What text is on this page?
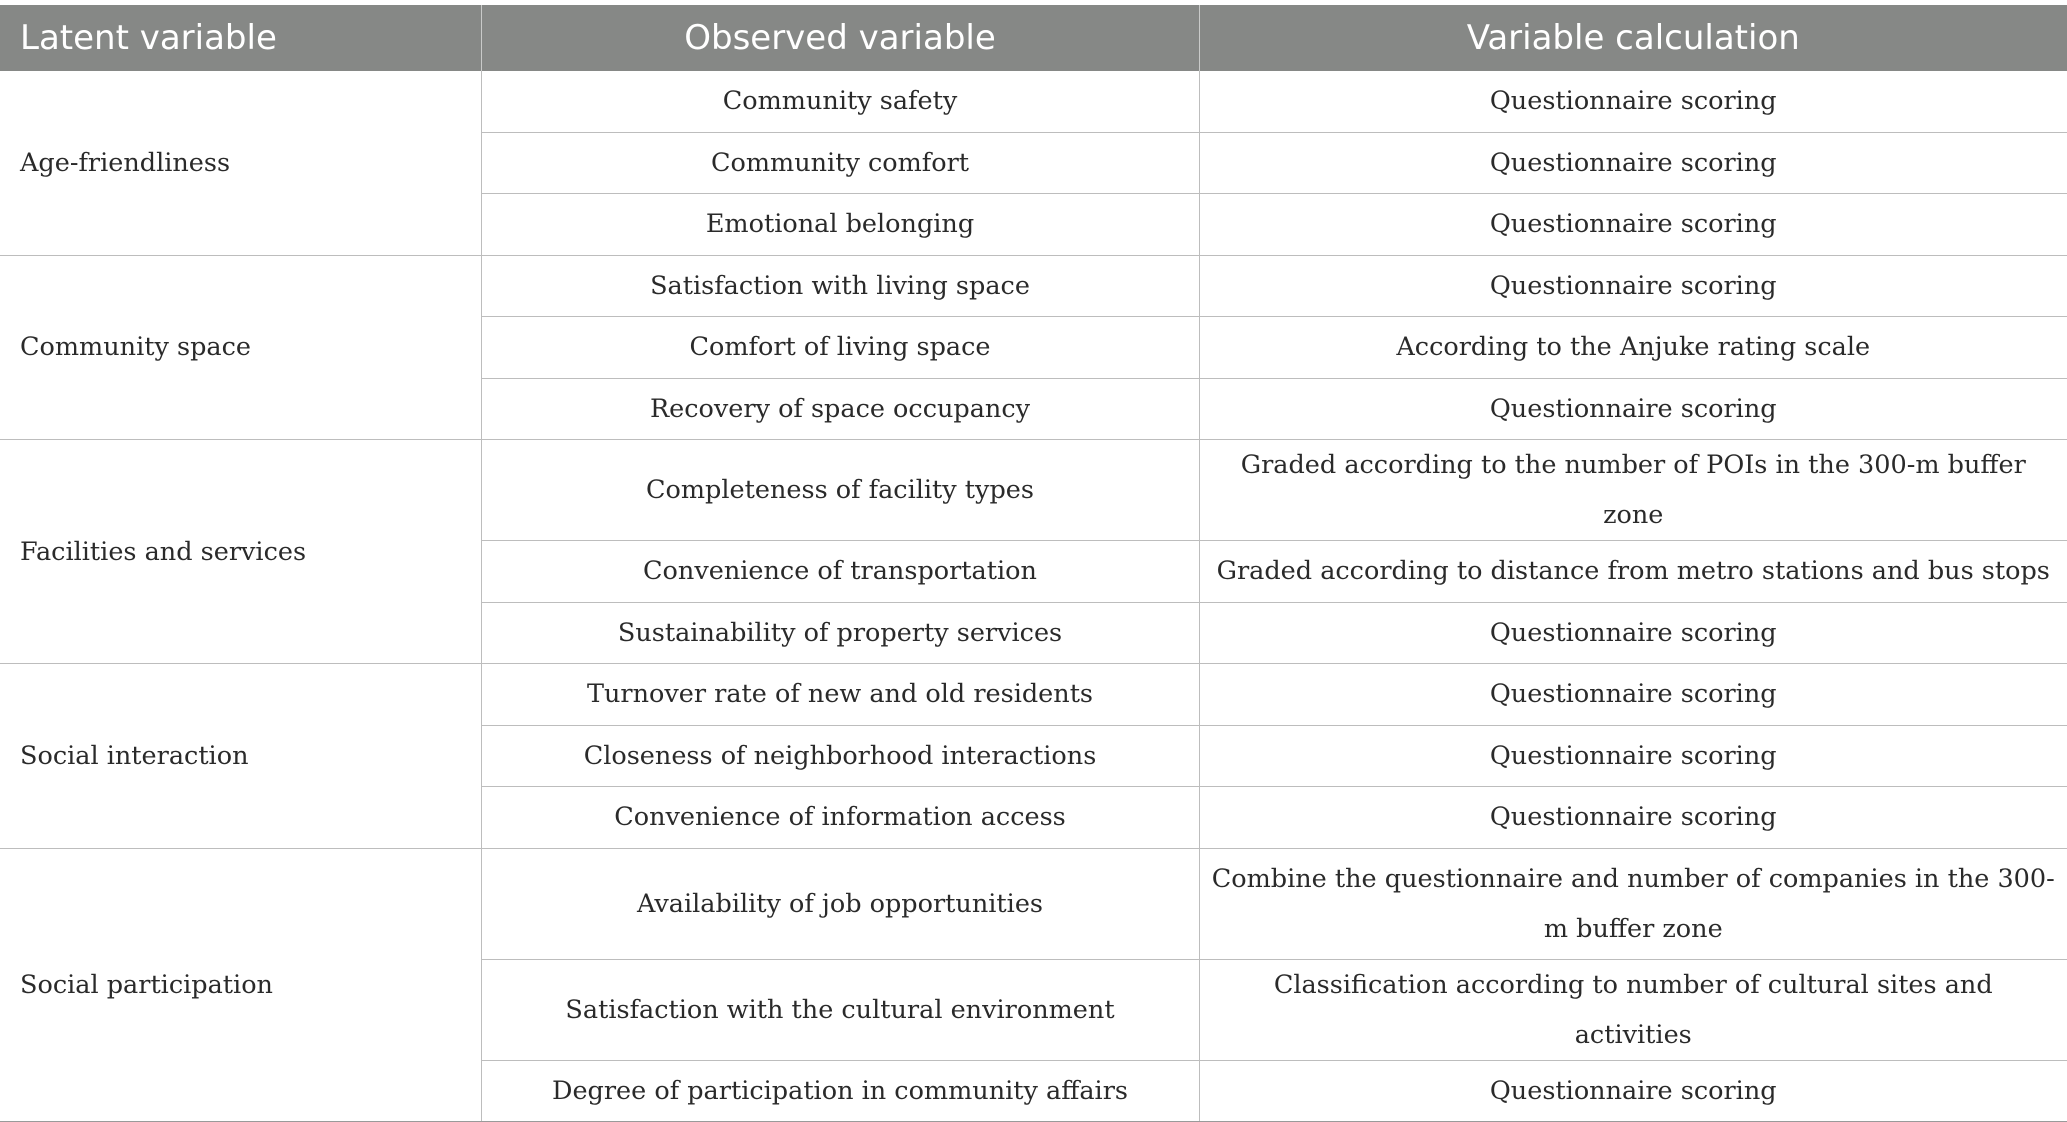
Latent variable	Observed variable	Variable calculation
Age-friendliness	Community safety	Questionnaire scoring
	Community comfort	Questionnaire scoring
	Emotional belonging	Questionnaire scoring
Community space	Satisfaction with living space	Questionnaire scoring
	Comfort of living space	According to the Anjuke rating scale
	Recovery of space occupancy	Questionnaire scoring
Facilities and services	Completeness of facility types	Graded according to the number of POIs in the 300-m buffer zone
	Convenience of transportation	Graded according to distance from metro stations and bus stops
	Sustainability of property services	Questionnaire scoring
Social interaction	Turnover rate of new and old residents	Questionnaire scoring
	Closeness of neighborhood interactions	Questionnaire scoring
	Convenience of information access	Questionnaire scoring
Social participation	Availability of job opportunities	Combine the questionnaire and number of companies in the 300-m buffer zone
	Satisfaction with the cultural environment	Classification according to number of cultural sites and activities
	Degree of participation in community affairs	Questionnaire scoring
